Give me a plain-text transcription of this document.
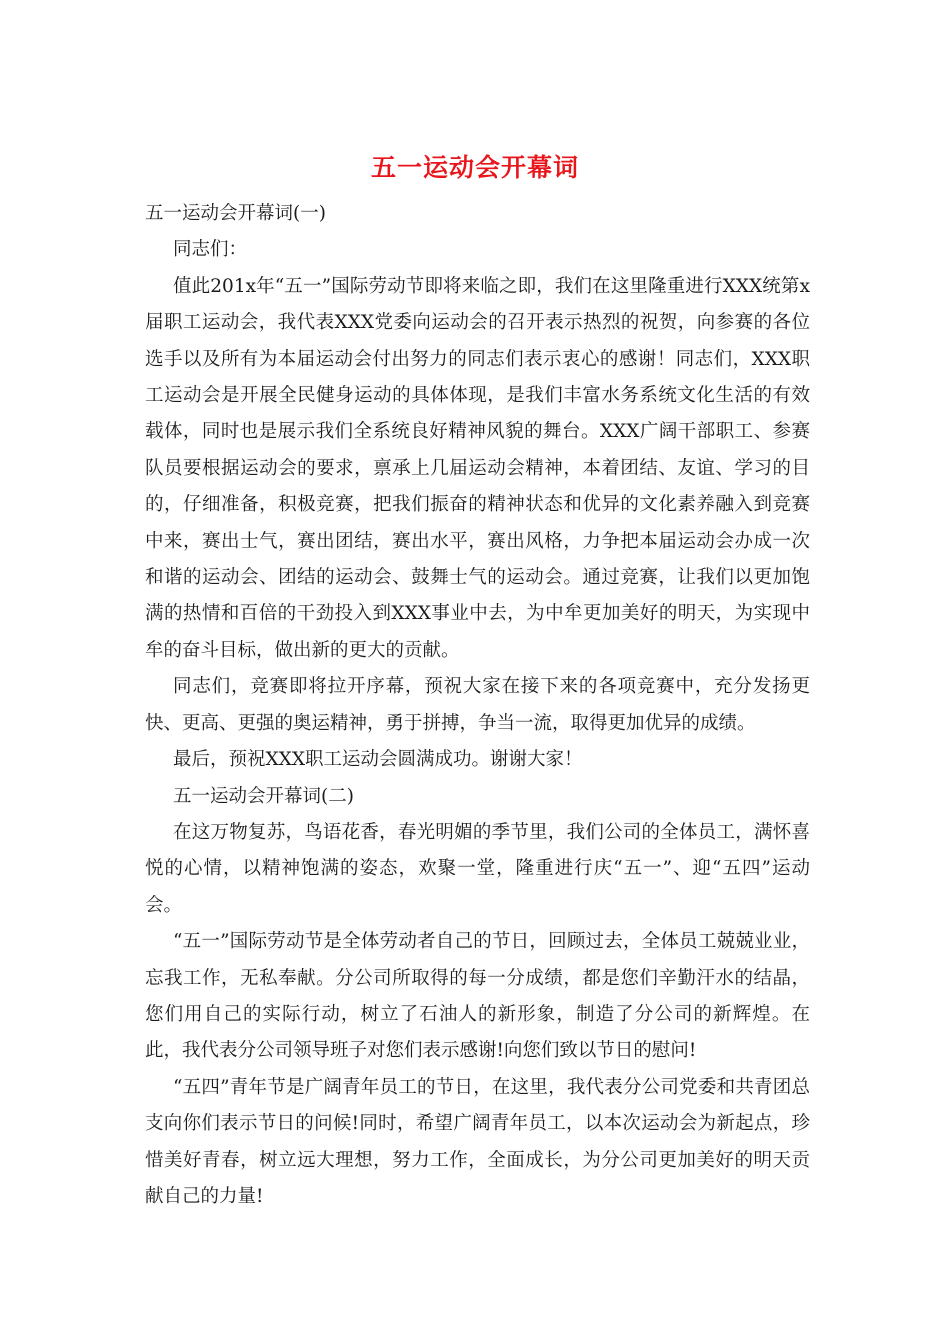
五一运动会开幕词

五一运动会开幕词(一)

同志们：

值此201x年“五一”国际劳动节即将来临之即，我们在这里隆重进行XXX统第x届职工运动会，我代表XXX党委向运动会的召开表示热烈的祝贺，向参赛的各位选手以及所有为本届运动会付出努力的同志们表示衷心的感谢！同志们，XXX职工运动会是开展全民健身运动的具体体现，是我们丰富水务系统文化生活的有效载体，同时也是展示我们全系统良好精神风貌的舞台。XXX广阔干部职工、参赛队员要根据运动会的要求，禀承上几届运动会精神，本着团结、友谊、学习的目的，仔细准备，积极竞赛，把我们振奋的精神状态和优异的文化素养融入到竞赛中来，赛出士气，赛出团结，赛出水平，赛出风格，力争把本届运动会办成一次和谐的运动会、团结的运动会、鼓舞士气的运动会。通过竞赛，让我们以更加饱满的热情和百倍的干劲投入到XXX事业中去，为中牟更加美好的明天，为实现中牟的奋斗目标，做出新的更大的贡献。

同志们，竞赛即将拉开序幕，预祝大家在接下来的各项竞赛中，充分发扬更快、更高、更强的奥运精神，勇于拼搏，争当一流，取得更加优异的成绩。

最后，预祝XXX职工运动会圆满成功。谢谢大家！

五一运动会开幕词(二)

在这万物复苏，鸟语花香，春光明媚的季节里，我们公司的全体员工，满怀喜悦的心情，以精神饱满的姿态，欢聚一堂，隆重进行庆“五一”、迎“五四”运动会。

“五一”国际劳动节是全体劳动者自己的节日，回顾过去，全体员工兢兢业业，忘我工作，无私奉献。分公司所取得的每一分成绩，都是您们辛勤汗水的结晶，您们用自己的实际行动，树立了石油人的新形象，制造了分公司的新辉煌。在此，我代表分公司领导班子对您们表示感谢!向您们致以节日的慰问!

“五四”青年节是广阔青年员工的节日，在这里，我代表分公司党委和共青团总支向你们表示节日的问候!同时，希望广阔青年员工，以本次运动会为新起点，珍惜美好青春，树立远大理想，努力工作，全面成长，为分公司更加美好的明天贡献自己的力量!
